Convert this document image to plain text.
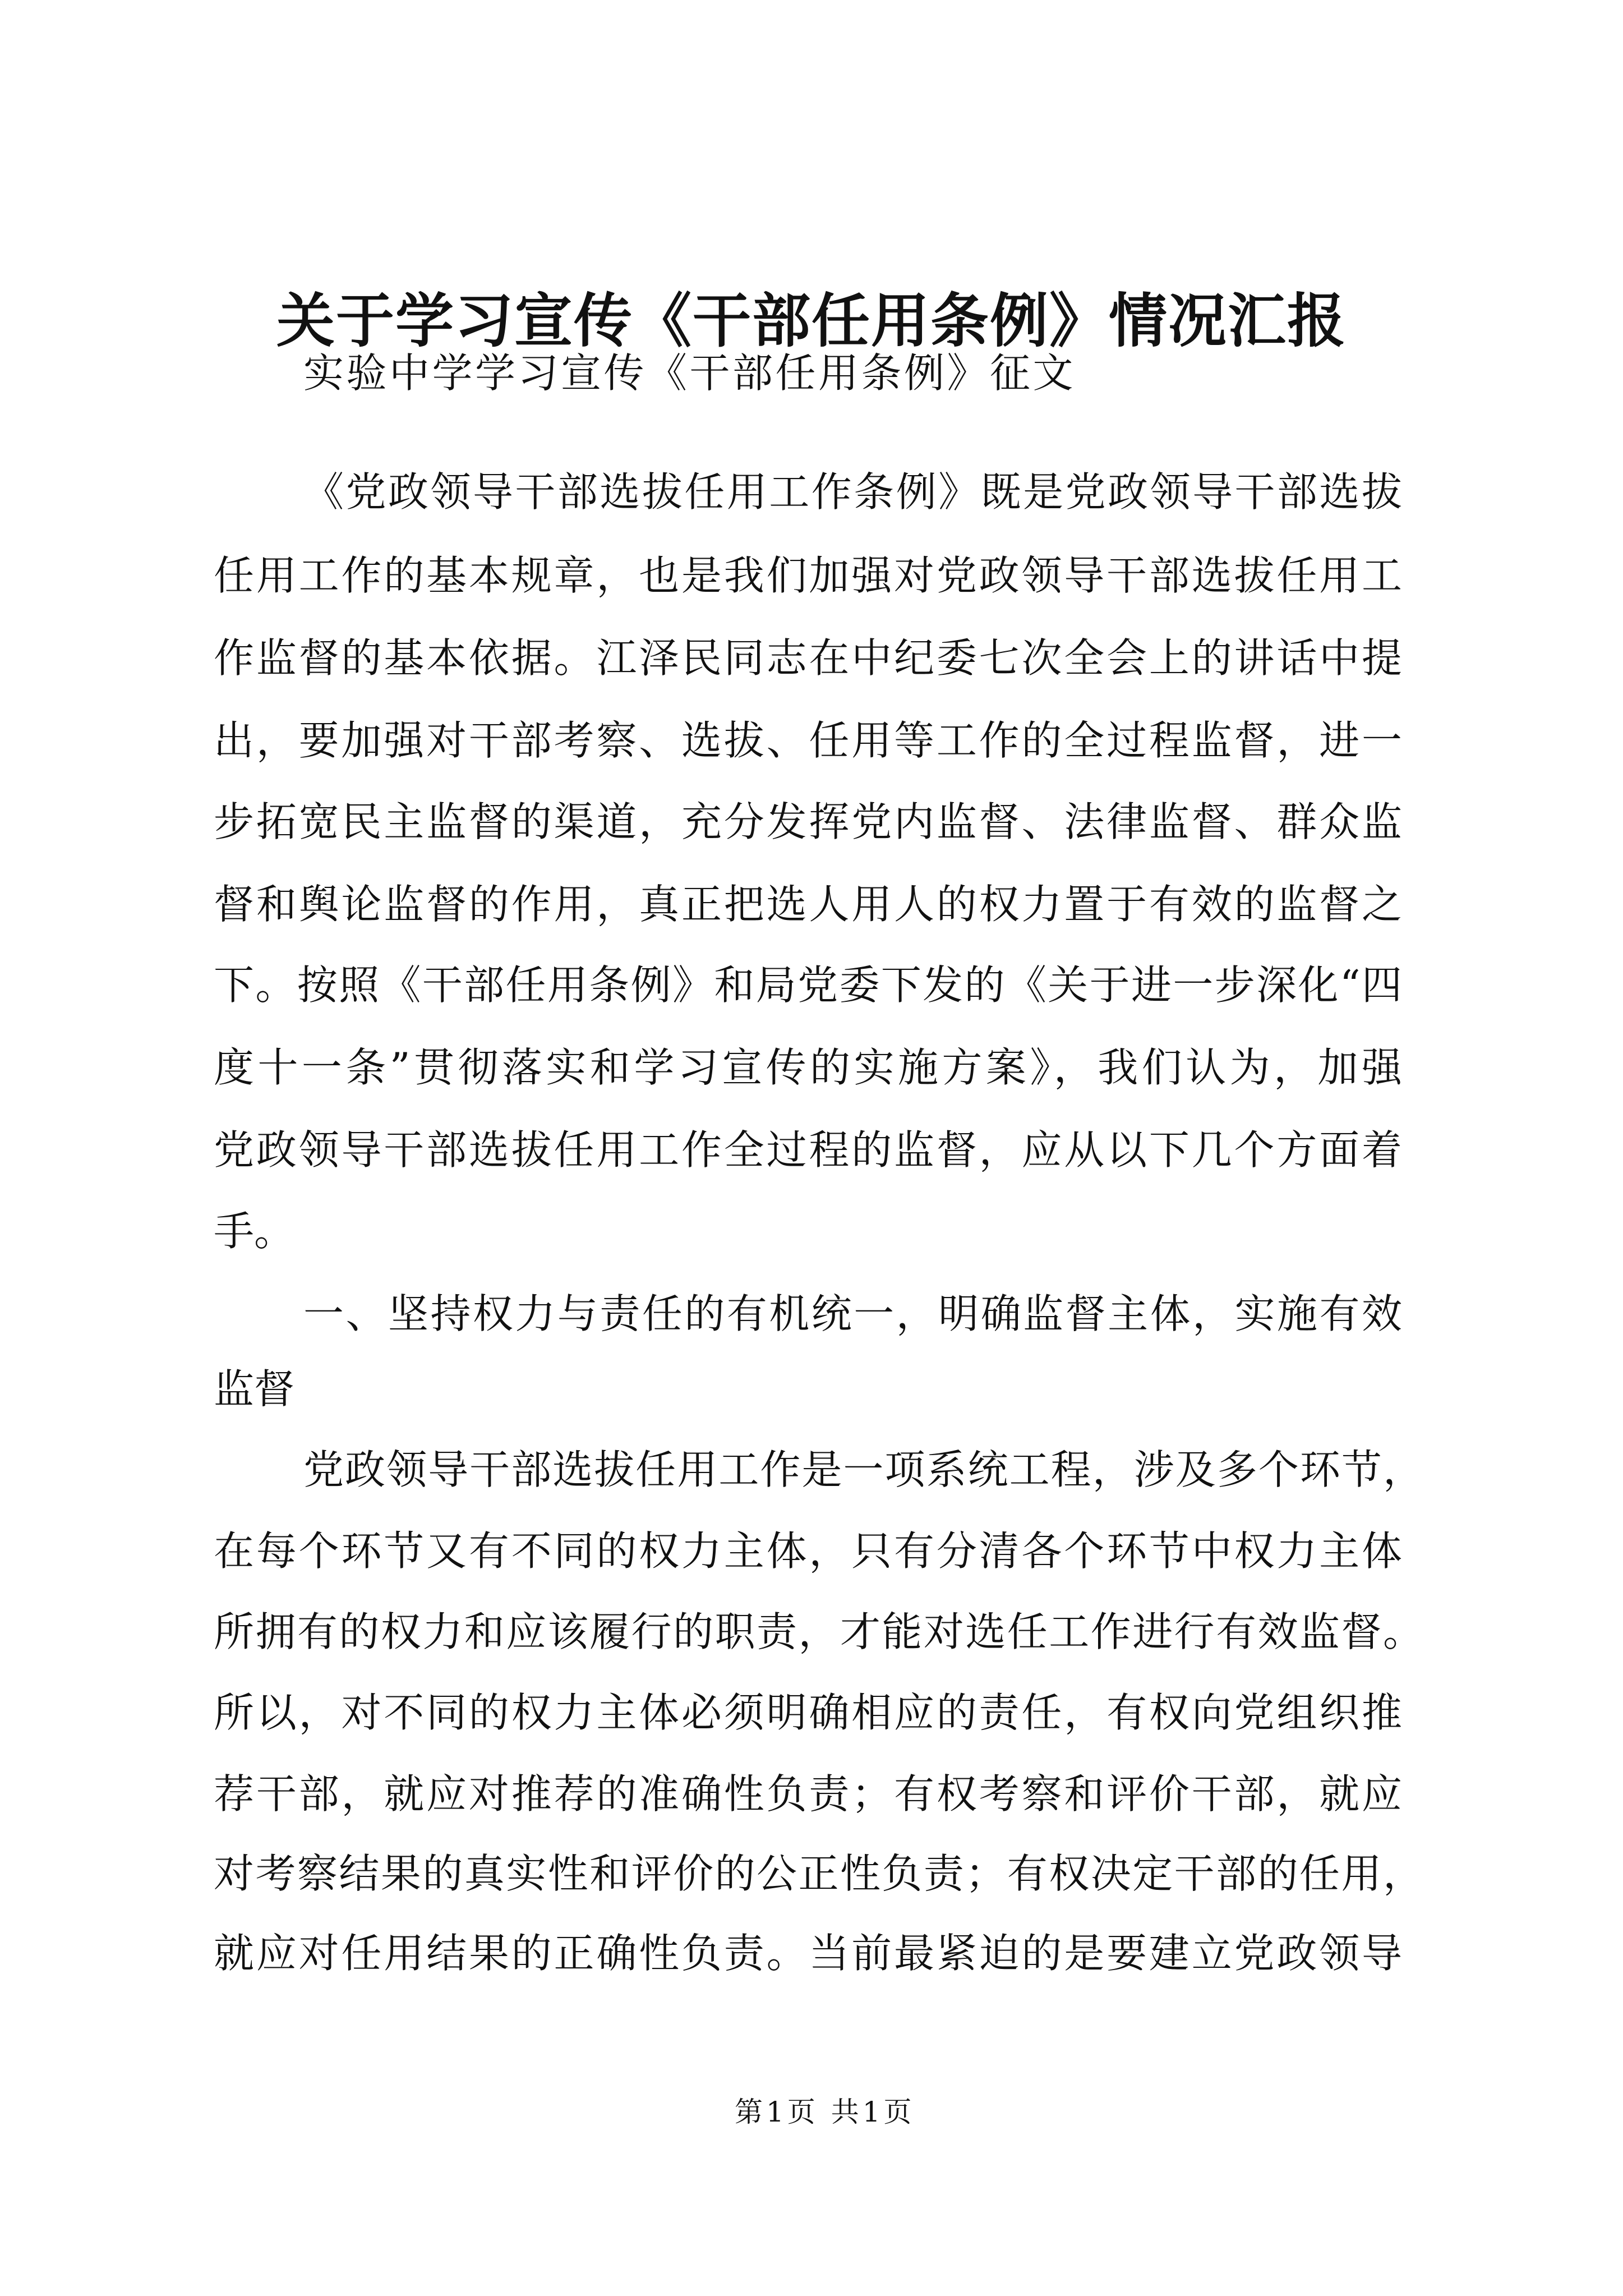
关于学习宣传《干部任用条例》情况汇报
实验中学学习宣传《干部任用条例》征文
《党政领导干部选拔任用工作条例》既是党政领导干部选拔
任用工作的基本规章，也是我们加强对党政领导干部选拔任用工
作监督的基本依据。江泽民同志在中纪委七次全会上的讲话中提
出，要加强对干部考察、选拔、任用等工作的全过程监督，进一
步拓宽民主监督的渠道，充分发挥党内监督、法律监督、群众监
督和舆论监督的作用，真正把选人用人的权力置于有效的监督之
下。按照《干部任用条例》和局党委下发的《关于进一步深化“四
度十一条”贯彻落实和学习宣传的实施方案》，我们认为，加强
党政领导干部选拔任用工作全过程的监督，应从以下几个方面着
手。
一、坚持权力与责任的有机统一，明确监督主体，实施有效
监督
党政领导干部选拔任用工作是一项系统工程，涉及多个环节，
在每个环节又有不同的权力主体，只有分清各个环节中权力主体
所拥有的权力和应该履行的职责，才能对选任工作进行有效监督。
所以，对不同的权力主体必须明确相应的责任，有权向党组织推
荐干部，就应对推荐的准确性负责；有权考察和评价干部，就应
对考察结果的真实性和评价的公正性负责；有权决定干部的任用，
就应对任用结果的正确性负责。当前最紧迫的是要建立党政领导
第1页 共1页
